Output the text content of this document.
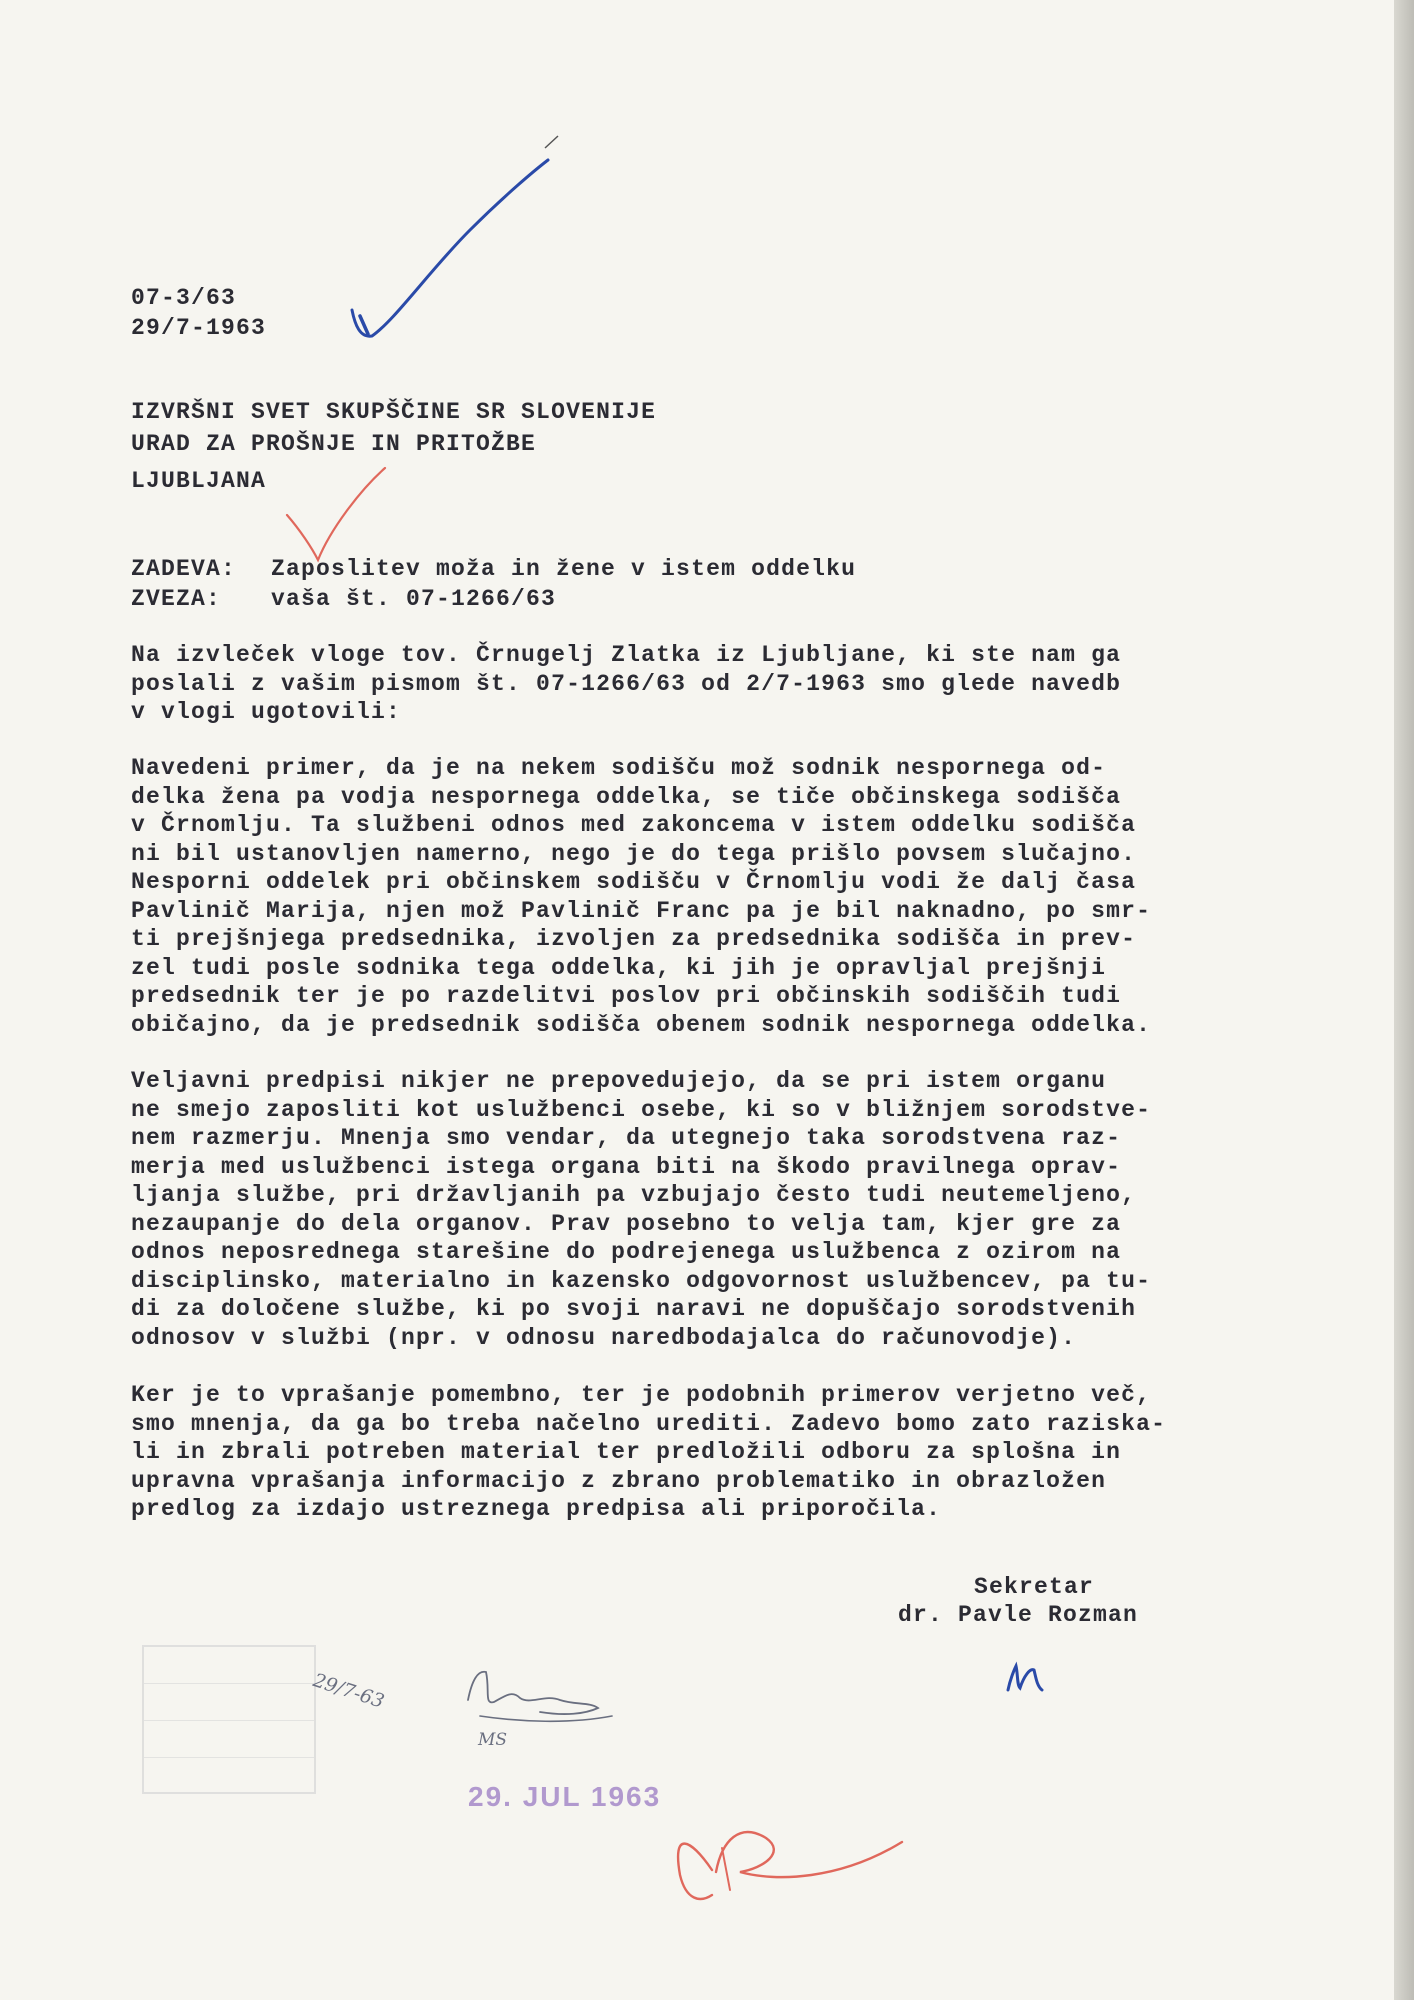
07-3/63
29/7-1963
IZVRŠNI SVET SKUPŠČINE SR SLOVENIJE
URAD ZA PROŠNJE IN PRITOŽBE
LJUBLJANA
ZADEVA: Zaposlitev moža in žene v istem oddelku
ZVEZA: vaša št. 07-1266/63
Na izvleček vloge tov. Črnugelj Zlatka iz Ljubljane, ki ste nam ga
poslali z vašim pismom št. 07-1266/63 od 2/7-1963 smo glede navedb
v vlogi ugotovili:
Navedeni primer, da je na nekem sodišču mož sodnik nespornega od-
delka žena pa vodja nespornega oddelka, se tiče občinskega sodišča
v Črnomlju. Ta službeni odnos med zakoncema v istem oddelku sodišča
ni bil ustanovljen namerno, nego je do tega prišlo povsem slučajno.
Nesporni oddelek pri občinskem sodišču v Črnomlju vodi že dalj časa
Pavlinič Marija, njen mož Pavlinič Franc pa je bil naknadno, po smr-
ti prejšnjega predsednika, izvoljen za predsednika sodišča in prev-
zel tudi posle sodnika tega oddelka, ki jih je opravljal prejšnji
predsednik ter je po razdelitvi poslov pri občinskih sodiščih tudi
običajno, da je predsednik sodišča obenem sodnik nespornega oddelka.
Veljavni predpisi nikjer ne prepovedujejo, da se pri istem organu
ne smejo zaposliti kot uslužbenci osebe, ki so v bližnjem sorodstve-
nem razmerju. Mnenja smo vendar, da utegnejo taka sorodstvena raz-
merja med uslužbenci istega organa biti na škodo pravilnega oprav-
ljanja službe, pri državljanih pa vzbujajo često tudi neutemeljeno,
nezaupanje do dela organov. Prav posebno to velja tam, kjer gre za
odnos neposrednega starešine do podrejenega uslužbenca z ozirom na
disciplinsko, materialno in kazensko odgovornost uslužbencev, pa tu-
di za določene službe, ki po svoji naravi ne dopuščajo sorodstvenih
odnosov v službi (npr. v odnosu naredbodajalca do računovodje).
Ker je to vprašanje pomembno, ter je podobnih primerov verjetno več,
smo mnenja, da ga bo treba načelno urediti. Zadevo bomo zato raziska-
li in zbrali potreben material ter predložili odboru za splošna in
upravna vprašanja informacijo z zbrano problematiko in obrazložen
predlog za izdajo ustreznega predpisa ali priporočila.
Sekretar
dr. Pavle Rozman
29/7-63
MS
29. JUL 1963
